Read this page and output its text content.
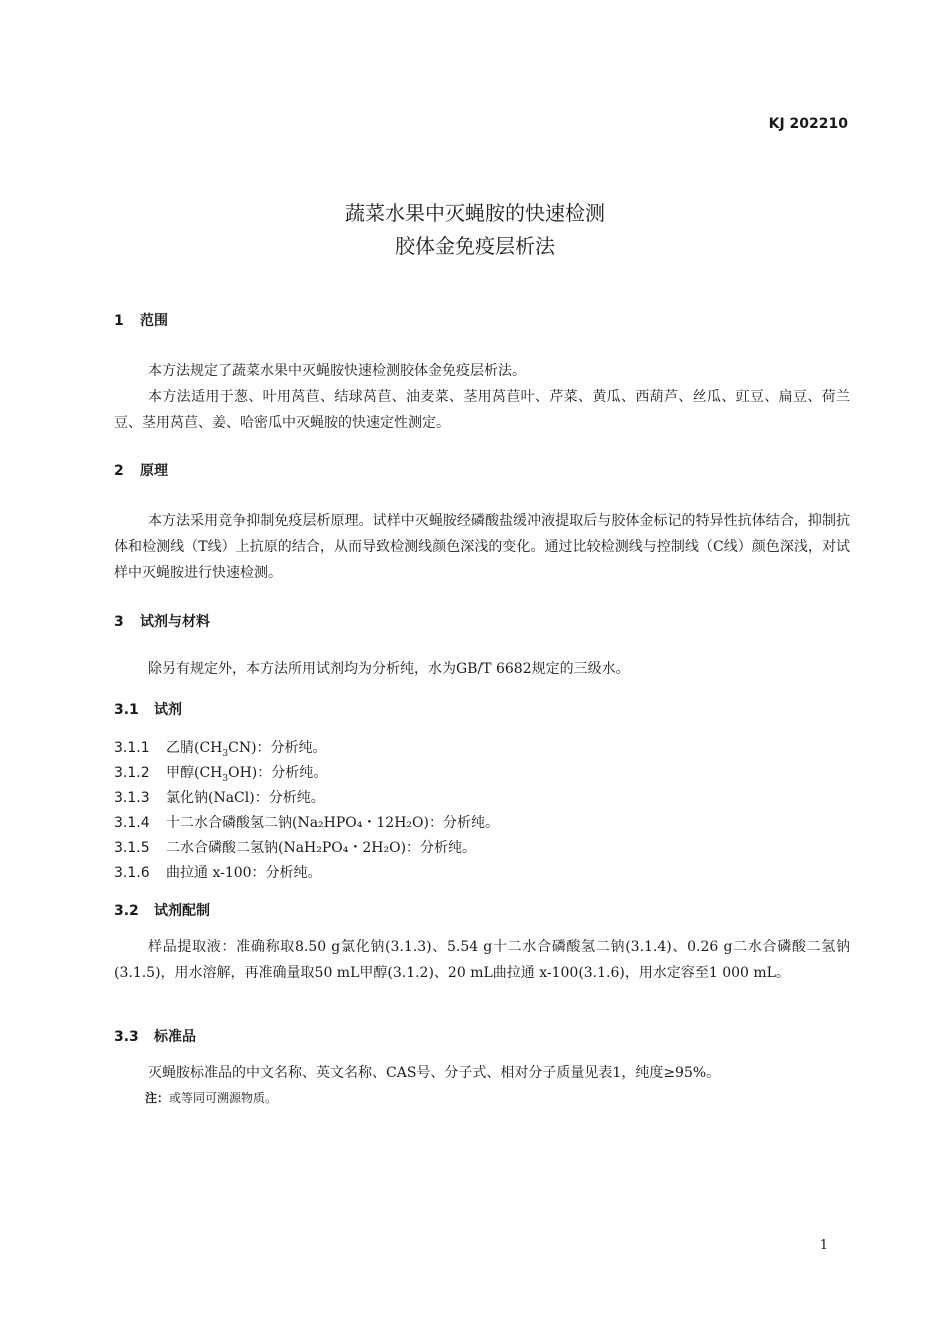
KJ 202210
蔬菜水果中灭蝇胺的快速检测
胶体金免疫层析法
1 范围

本方法规定了蔬菜水果中灭蝇胺快速检测胶体金免疫层析法。

本方法适用于葱、叶用莴苣、结球莴苣、油麦菜、茎用莴苣叶、芹菜、黄瓜、西葫芦、丝瓜、豇豆、扁豆、荷兰豆、茎用莴苣、姜、哈密瓜中灭蝇胺的快速定性测定。

2 原理

本方法采用竞争抑制免疫层析原理。试样中灭蝇胺经磷酸盐缓冲液提取后与胶体金标记的特异性抗体结合，抑制抗体和检测线（T线）上抗原的结合，从而导致检测线颜色深浅的变化。通过比较检测线与控制线（C线）颜色深浅，对试样中灭蝇胺进行快速检测。

3 试剂与材料

除另有规定外，本方法所用试剂均为分析纯，水为GB/T 6682规定的三级水。

3.1 试剂
3.1.1 乙腈$(CH_3CN)$：分析纯。
3.1.2 甲醇$(CH_3OH)$：分析纯。
3.1.3 氯化钠(NaCl)：分析纯。
3.1.4 十二水合磷酸氢二钠(Na₂HPO₄・12H₂O)：分析纯。
3.1.5 二水合磷酸二氢钠(NaH₂PO₄・2H₂O)：分析纯。
3.1.6 曲拉通 x-100：分析纯。
3.2 试剂配制

样品提取液：准确称取8.50 g氯化钠(3.1.3)、5.54 g十二水合磷酸氢二钠(3.1.4)、0.26 g二水合磷酸二氢钠(3.1.5)，用水溶解，再准确量取50 mL甲醇(3.1.2)、20 mL曲拉通 x-100(3.1.6)，用水定容至1 000 mL。

3.3 标准品

灭蝇胺标准品的中文名称、英文名称、CAS号、分子式、相对分子质量见表1，纯度≥95%。

注：或等同可溯源物质。
1
